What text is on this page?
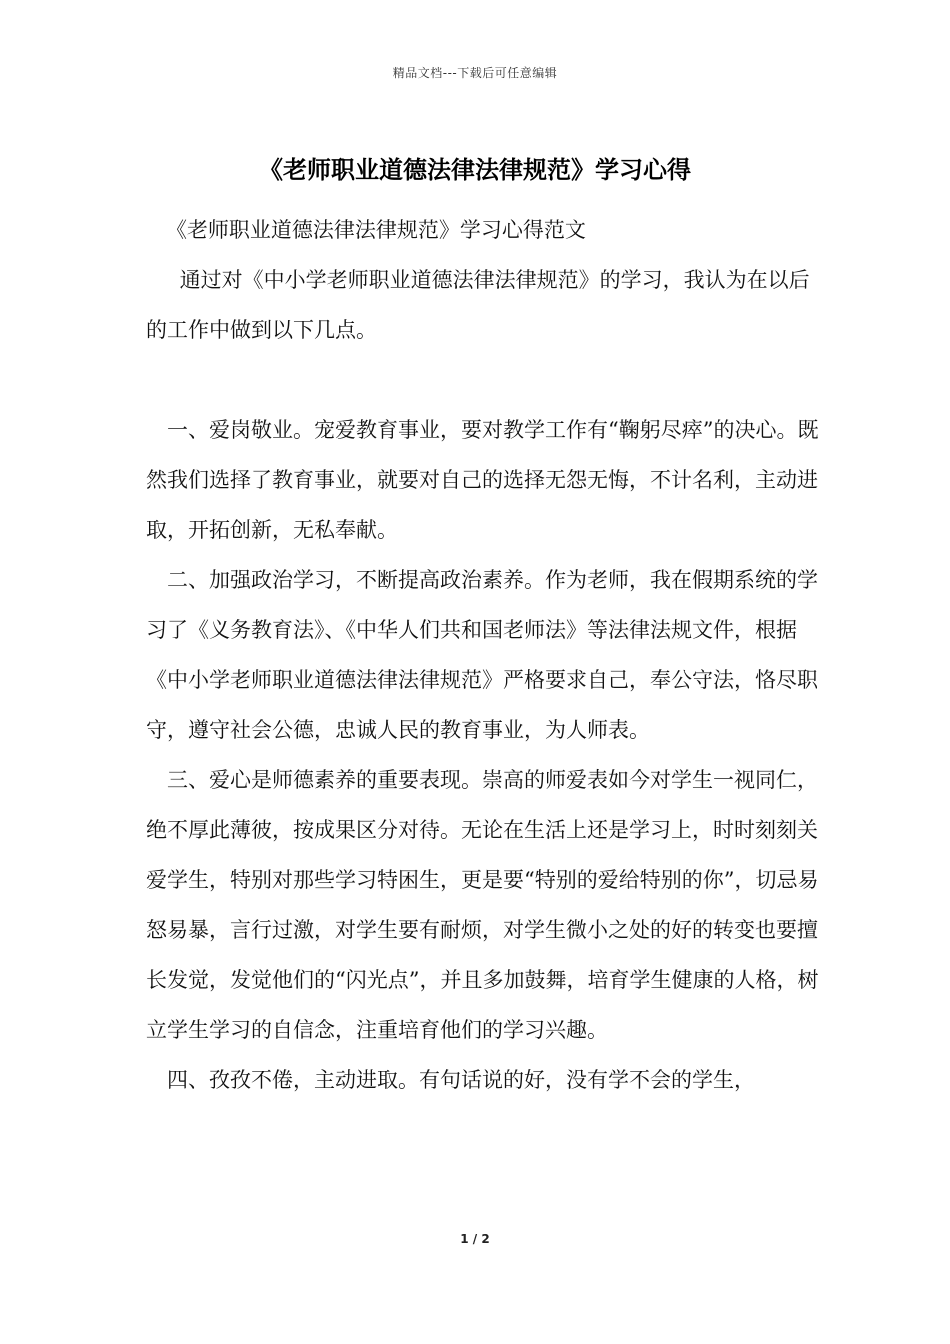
精品文档---下载后可任意编辑
《老师职业道德法律法律规范》学习心得

《老师职业道德法律法律规范》学习心得范文

通过对《中小学老师职业道德法律法律规范》的学习，我认为在以后的工作中做到以下几点。

一、爱岗敬业。宠爱教育事业，要对教学工作有“鞠躬尽瘁”的决心。既然我们选择了教育事业，就要对自己的选择无怨无悔，不计名利，主动进取，开拓创新，无私奉献。

二、加强政治学习，不断提高政治素养。作为老师，我在假期系统的学习了《义务教育法》、《中华人们共和国老师法》等法律法规文件，根据《中小学老师职业道德法律法律规范》严格要求自己，奉公守法，恪尽职守，遵守社会公德，忠诚人民的教育事业，为人师表。

三、爱心是师德素养的重要表现。崇高的师爱表如今对学生一视同仁，绝不厚此薄彼，按成果区分对待。无论在生活上还是学习上，时时刻刻关爱学生，特别对那些学习特困生，更是要“特别的爱给特别的你”，切忌易怒易暴，言行过激，对学生要有耐烦，对学生微小之处的好的转变也要擅长发觉，发觉他们的“闪光点”，并且多加鼓舞，培育学生健康的人格，树立学生学习的自信念，注重培育他们的学习兴趣。

四、孜孜不倦，主动进取。有句话说的好，没有学不会的学生，

1 / 2
